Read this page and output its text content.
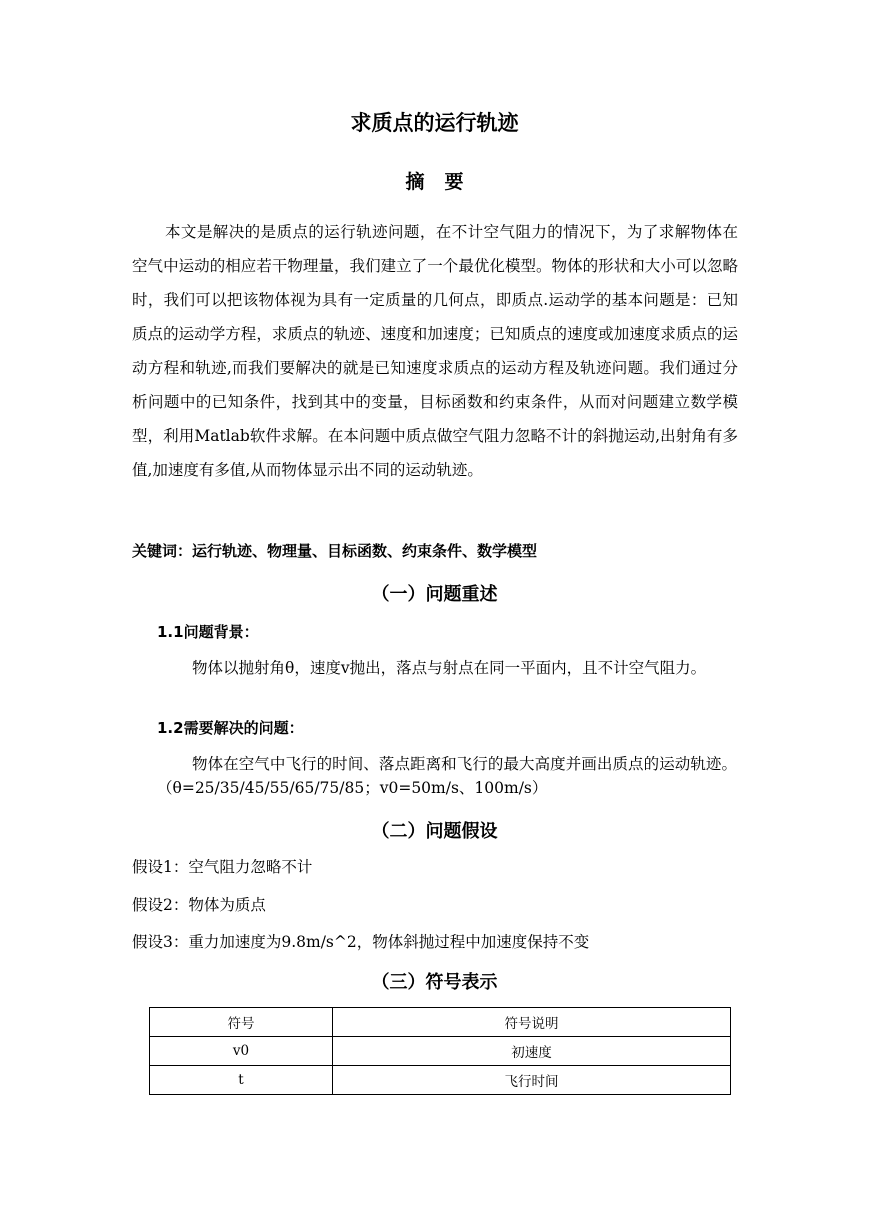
求质点的运行轨迹
摘要

本文是解决的是质点的运行轨迹问题，在不计空气阻力的情况下，为了求解物体在空气中运动的相应若干物理量，我们建立了一个最优化模型。物体的形状和大小可以忽略时，我们可以把该物体视为具有一定质量的几何点，即质点.运动学的基本问题是：已知质点的运动学方程，求质点的轨迹、速度和加速度；已知质点的速度或加速度求质点的运动方程和轨迹,而我们要解决的就是已知速度求质点的运动方程及轨迹问题。我们通过分析问题中的已知条件，找到其中的变量，目标函数和约束条件，从而对问题建立数学模型，利用Matlab软件求解。在本问题中质点做空气阻力忽略不计的斜抛运动,出射角有多值,加速度有多值,从而物体显示出不同的运动轨迹。

关键词：运行轨迹、物理量、目标函数、约束条件、数学模型
（一）问题重述
1.1问题背景：

物体以抛射角θ，速度v抛出，落点与射点在同一平面内，且不计空气阻力。

1.2需要解决的问题：

物体在空气中飞行的时间、落点距离和飞行的最大高度并画出质点的运动轨迹。（θ=25/35/45/55/65/75/85；v0=50m/s、100m/s）

（二）问题假设
假设1：空气阻力忽略不计
假设2：物体为质点
假设3：重力加速度为9.8m/s^2，物体斜抛过程中加速度保持不变
（三）符号表示
符号	符号说明
v0	初速度
t	飞行时间
